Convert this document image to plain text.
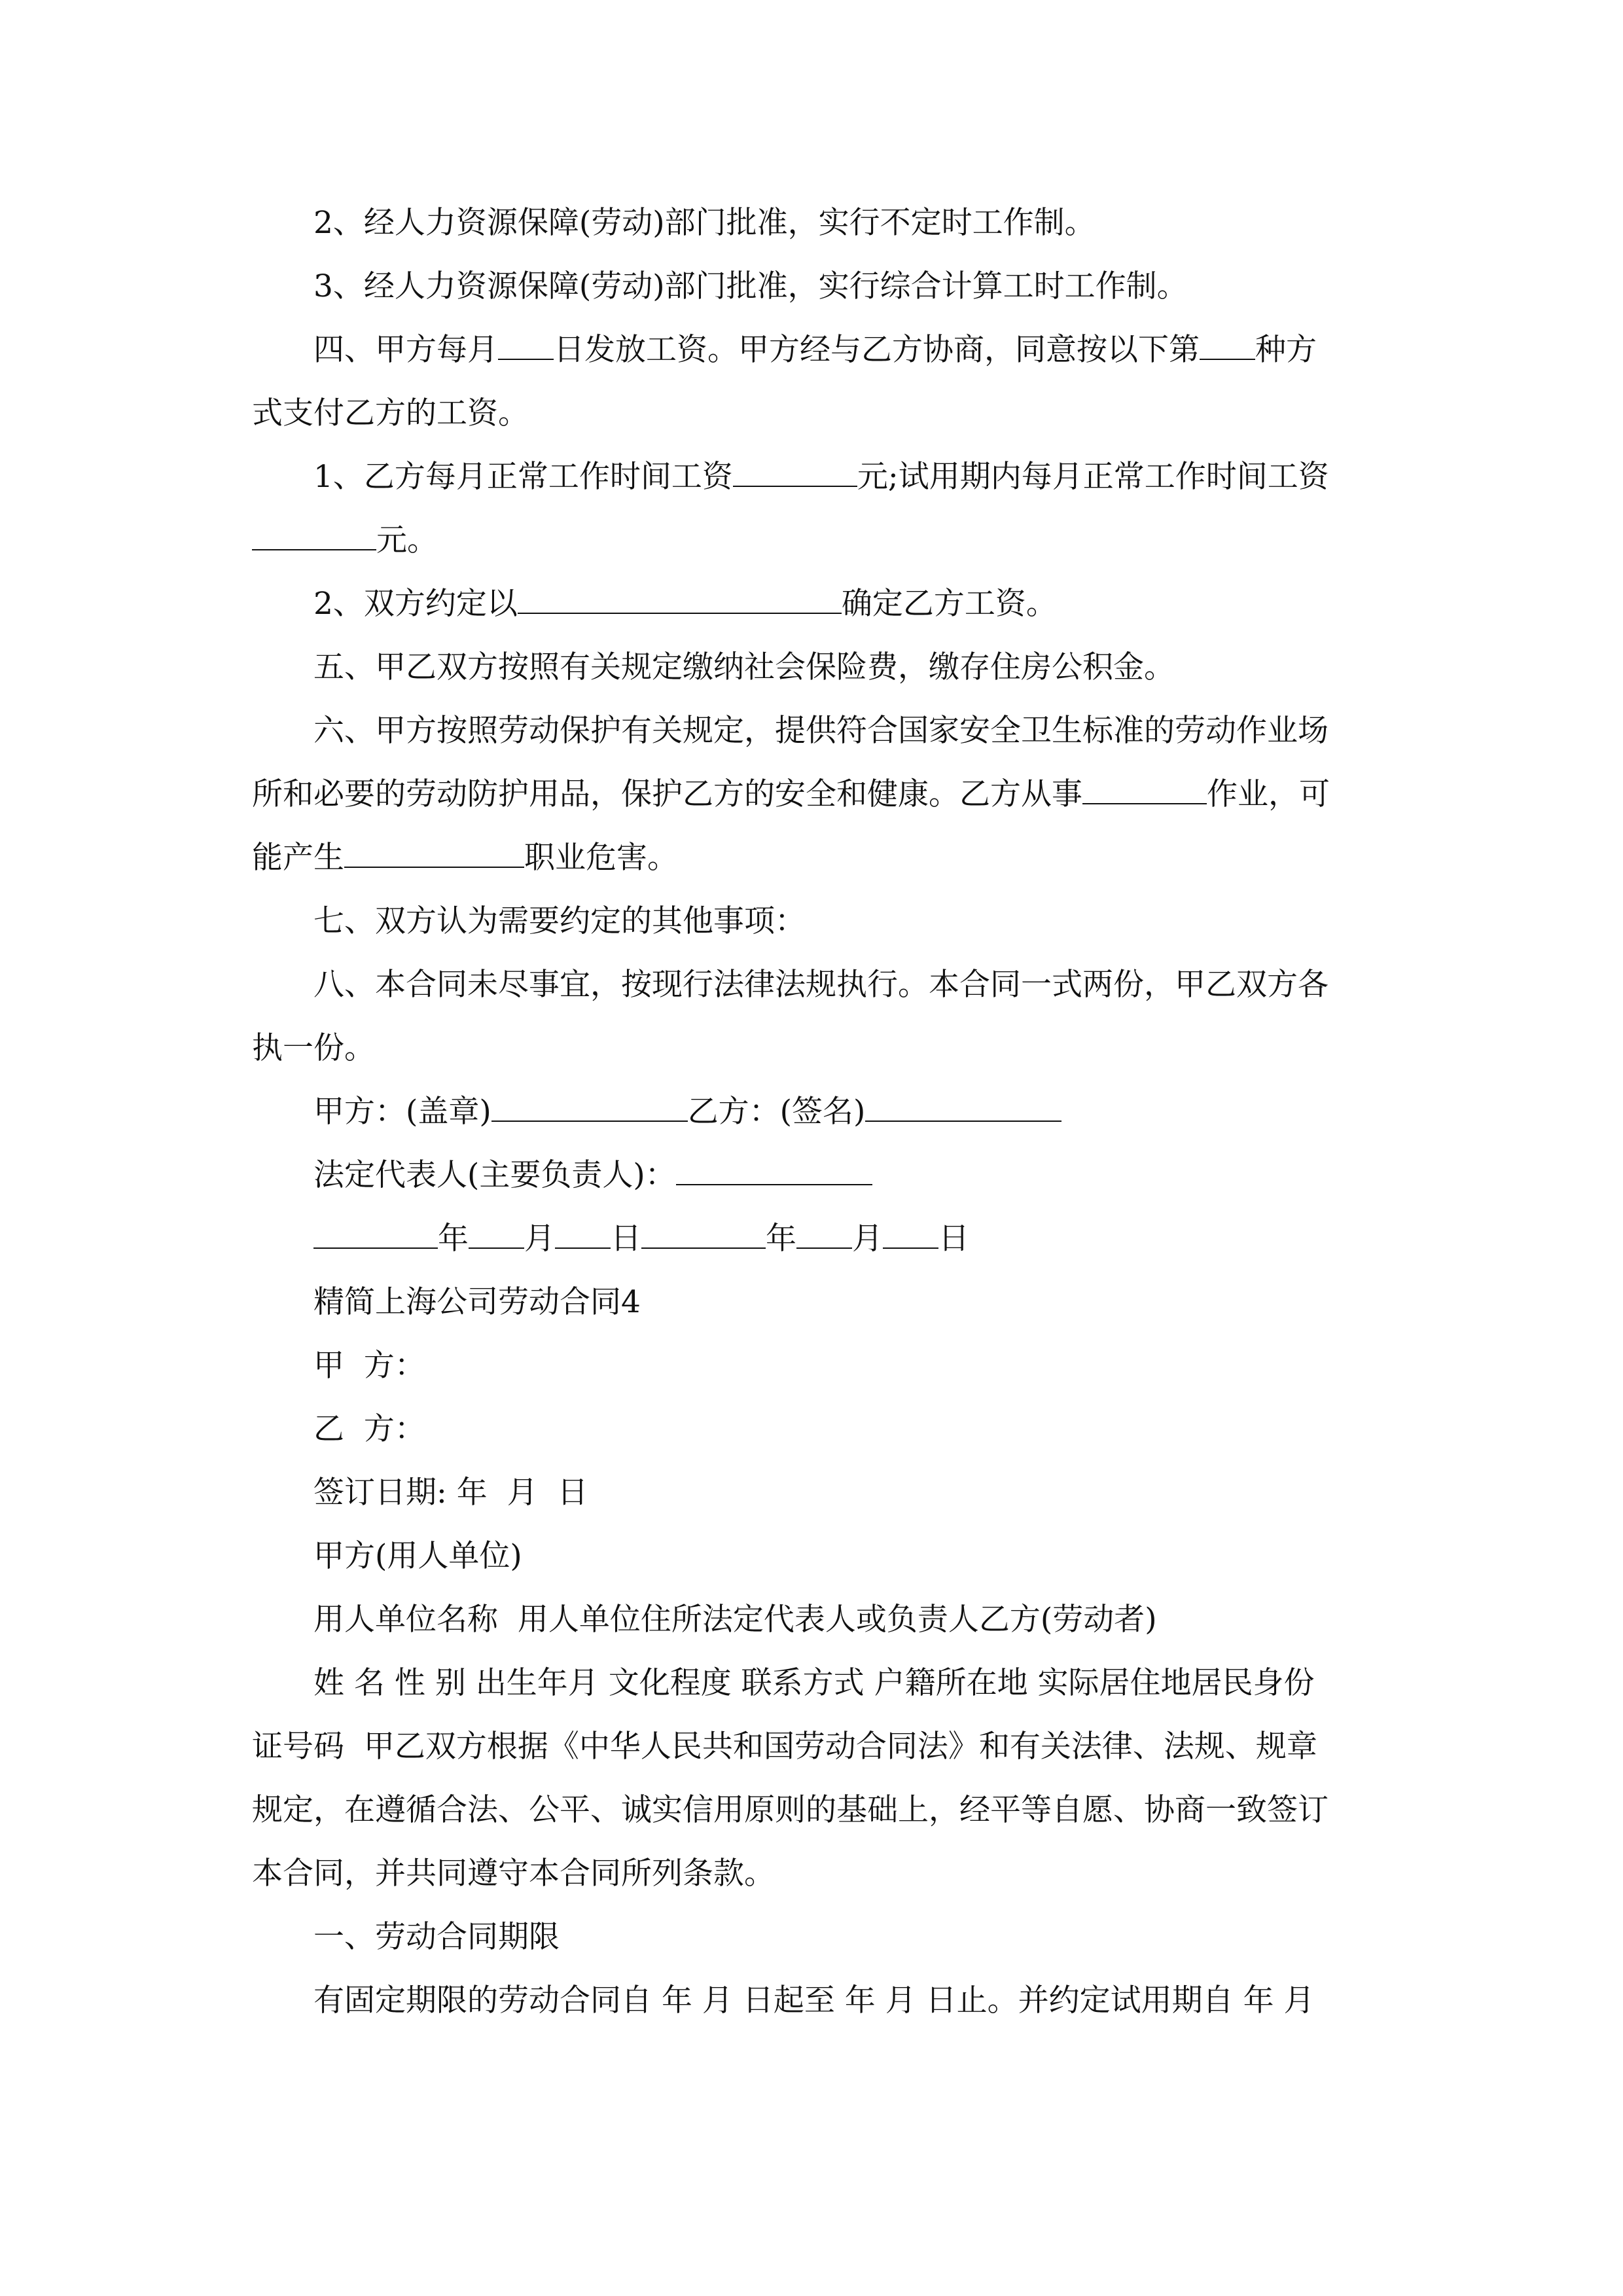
2、经人力资源保障(劳动)部门批准，实行不定时工作制。

3、经人力资源保障(劳动)部门批准，实行综合计算工时工作制。

四、甲方每月 日发放工资。甲方经与乙方协商，同意按以下第 种方

式支付乙方的工资。

1、乙方每月正常工作时间工资	元;试用期内每月正常工作时间工资

元。

2、双方约定以	确定乙方工资。

五、甲乙双方按照有关规定缴纳社会保险费，缴存住房公积金。

六、甲方按照劳动保护有关规定，提供符合国家安全卫生标准的劳动作业场

所和必要的劳动防护用品，保护乙方的安全和健康。乙方从事	作业，可

能产生	职业危害。

七、双方认为需要约定的其他事项：

八、本合同未尽事宜，按现行法律法规执行。本合同一式两份，甲乙双方各

执一份。

甲方：(盖章)	乙方：(签名)

法定代表人(主要负责人)：

年 月 日	年 月 日

精简上海公司劳动合同4

甲  方：

乙  方：

签订日期: 年  月  日

甲方(用人单位)

用人单位名称  用人单位住所法定代表人或负责人乙方(劳动者)

姓 名 性 别 出生年月 文化程度 联系方式 户籍所在地 实际居住地居民身份

证号码  甲乙双方根据《中华人民共和国劳动合同法》和有关法律、法规、规章

规定，在遵循合法、公平、诚实信用原则的基础上，经平等自愿、协商一致签订

本合同，并共同遵守本合同所列条款。

一、劳动合同期限

有固定期限的劳动合同自 年 月 日起至 年 月 日止。并约定试用期自 年 月
